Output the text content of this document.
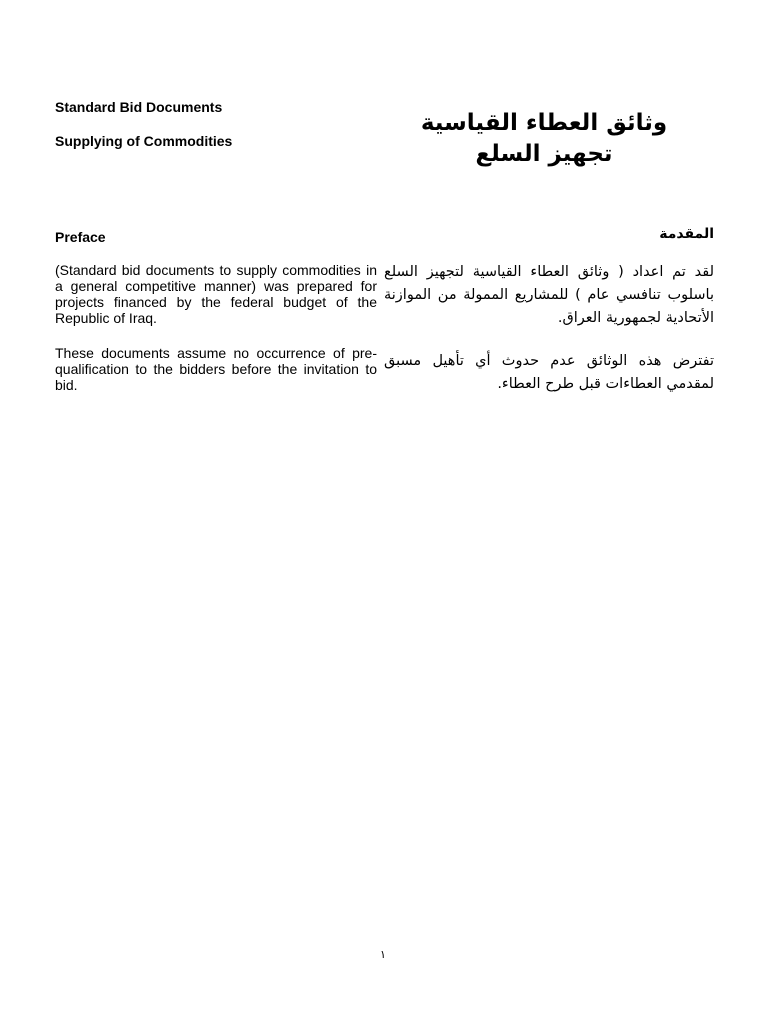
Standard Bid Documents
Supplying of Commodities
وثائق العطاء القياسية
تجهيز السلع
Preface	المقدمة
(Standard bid documents to supply commodities in a general competitive manner) was prepared for projects financed by the federal budget of the Republic of Iraq.
These documents assume no occurrence of pre-qualification to the bidders before the invitation to bid.
لقد تم اعداد ( وثائق العطاء القياسية لتجهيز السلع باسلوب تنافسي عام ) للمشاريع الممولة من الموازنة الأتحادية لجمهورية العراق.
تفترض هذه الوثائق عدم حدوث أي تأهيل مسبق لمقدمي العطاءات قبل طرح العطاء.
١
